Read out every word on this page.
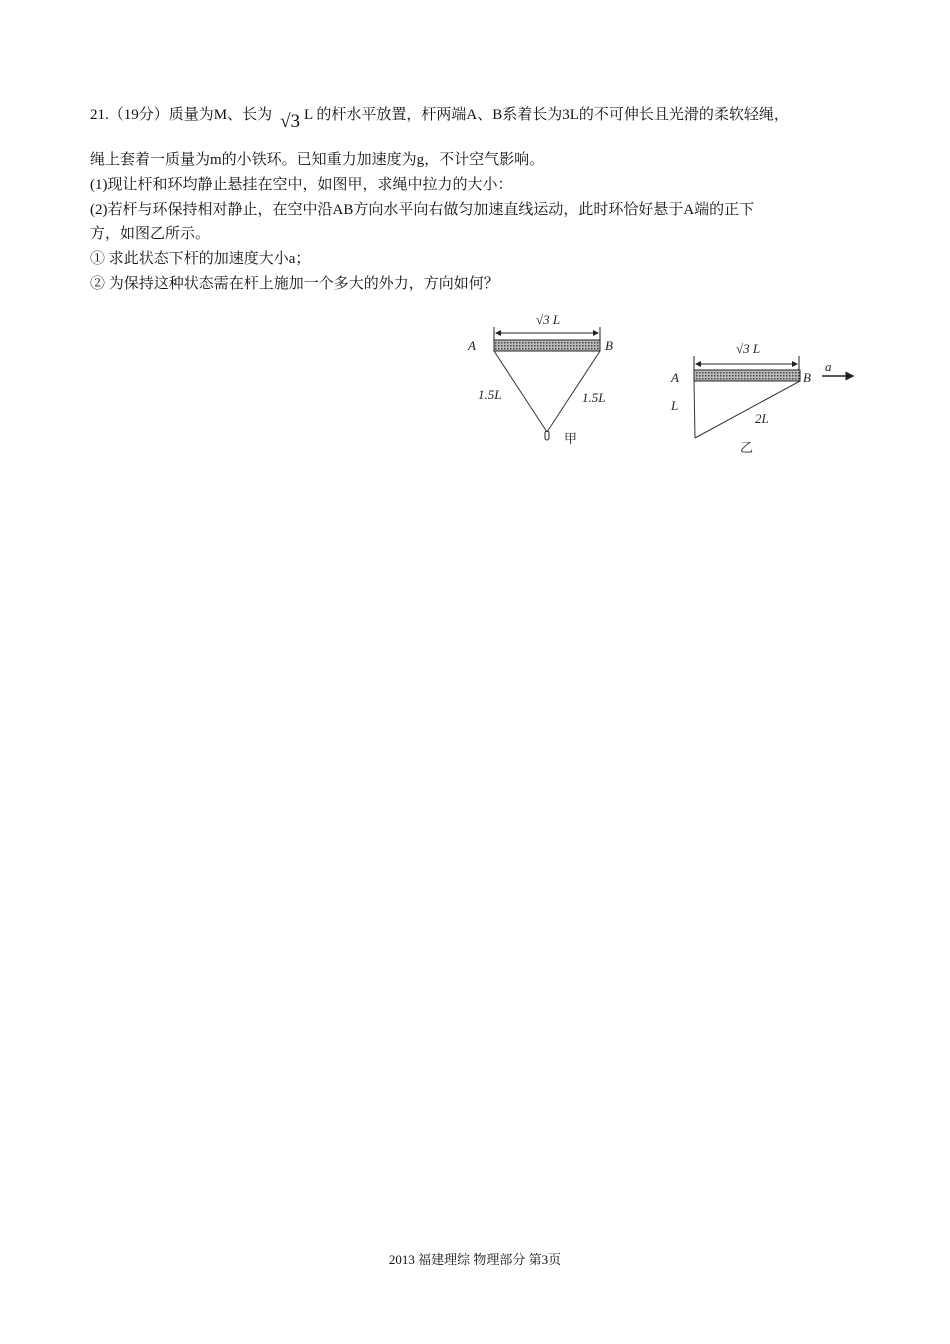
21.（19分）质量为M、长为 √3 L 的杆水平放置，杆两端A、B系着长为3L的不可伸长且光滑的柔软轻绳，
绳上套着一质量为m的小铁环。已知重力加速度为g，不计空气影响。
(1)现让杆和环均静止悬挂在空中，如图甲，求绳中拉力的大小：
(2)若杆与环保持相对静止，在空中沿AB方向水平向右做匀加速直线运动，此时环恰好悬于A端的正下
方，如图乙所示。
① 求此状态下杆的加速度大小a；
② 为保持这种状态需在杆上施加一个多大的外力，方向如何？
√3 L
A	B
1.5L	1.5L
甲
√3 L
A	B
a
L
2L
乙
2013 福建理综 物理部分 第3页
